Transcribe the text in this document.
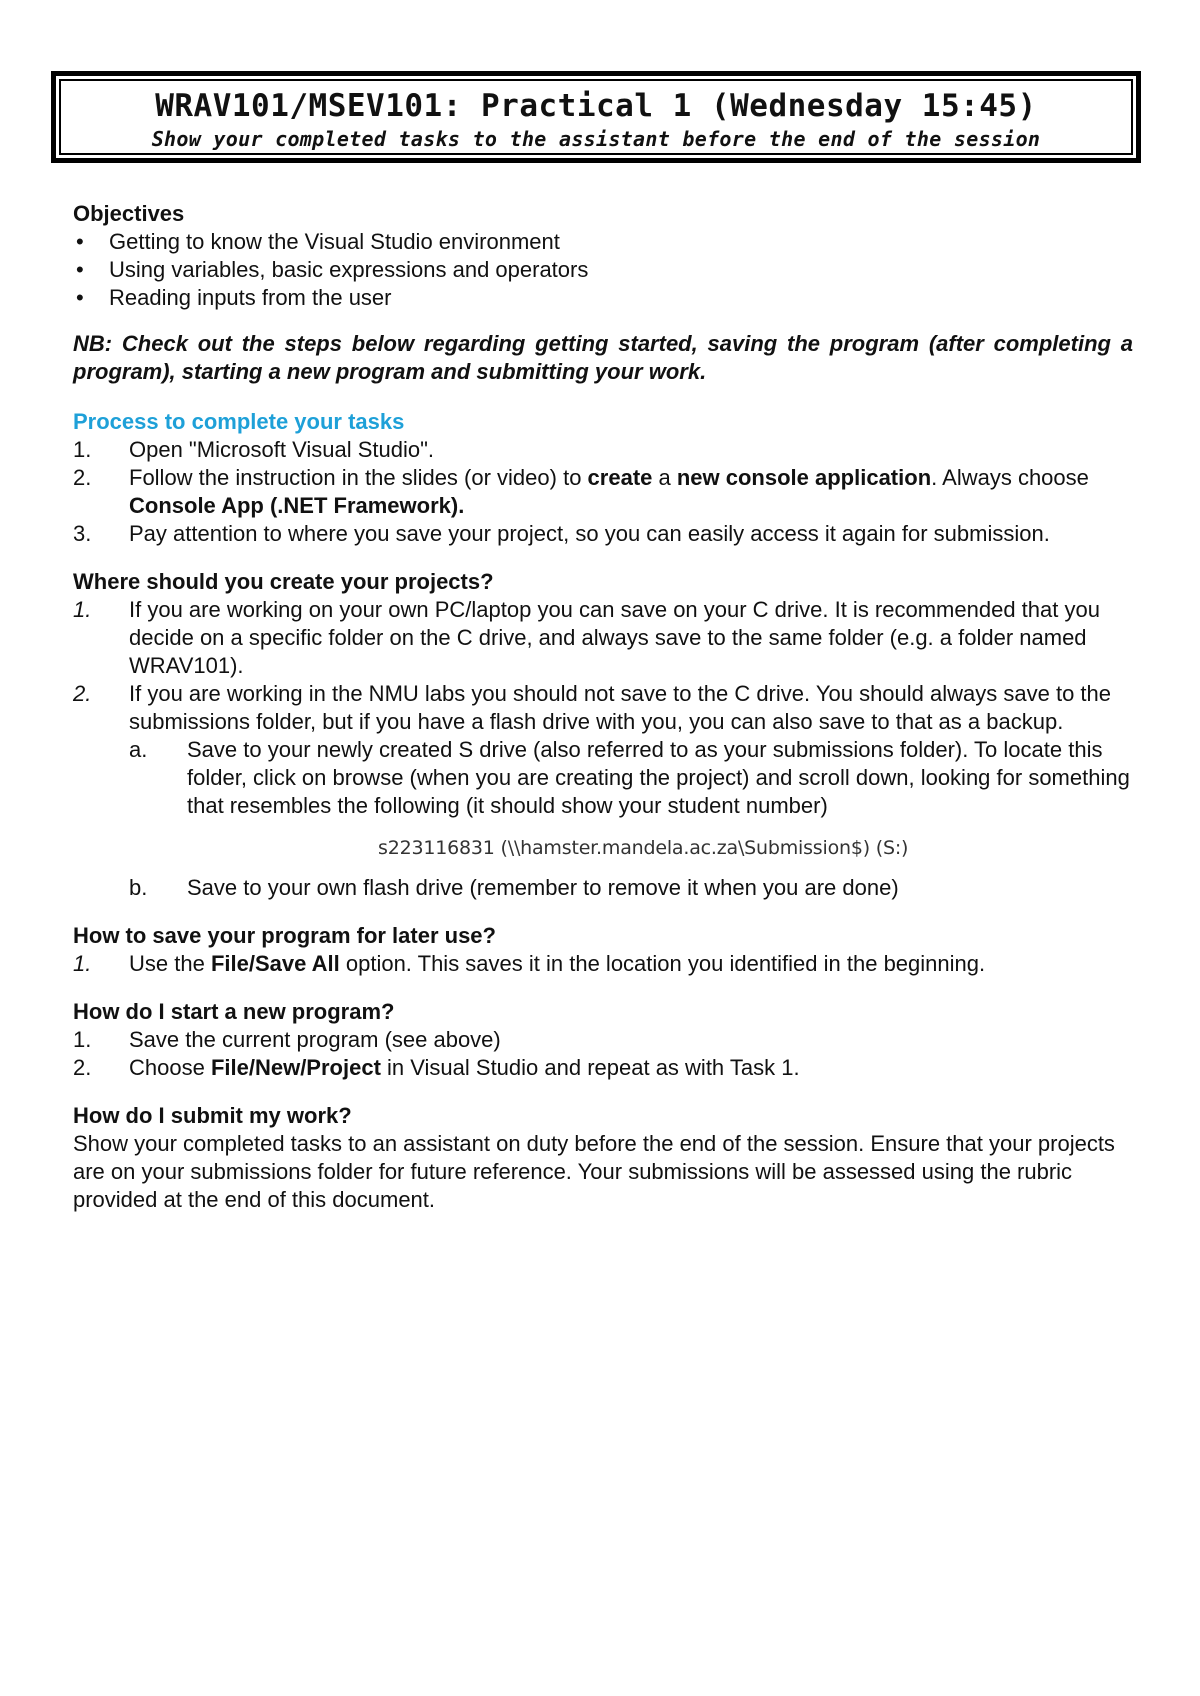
WRAV101/MSEV101: Practical 1 (Wednesday 15:45)
Show your completed tasks to the assistant before the end of the session

Objectives

• Getting to know the Visual Studio environment
• Using variables, basic expressions and operators
• Reading inputs from the user

NB: Check out the steps below regarding getting started, saving the program (after completing a program), starting a new program and submitting your work.

Process to complete your tasks

1. Open "Microsoft Visual Studio".
2. Follow the instruction in the slides (or video) to create a new console application. Always choose Console App (.NET Framework).
3. Pay attention to where you save your project, so you can easily access it again for submission.

Where should you create your projects?

1. If you are working on your own PC/laptop you can save on your C drive. It is recommended that you decide on a specific folder on the C drive, and always save to the same folder (e.g. a folder named WRAV101).
2. If you are working in the NMU labs you should not save to the C drive. You should always save to the submissions folder, but if you have a flash drive with you, you can also save to that as a backup.
a. Save to your newly created S drive (also referred to as your submissions folder). To locate this folder, click on browse (when you are creating the project) and scroll down, looking for something that resembles the following (it should show your student number)
s223116831 (\\hamster.mandela.ac.za\Submission$) (S:)
b. Save to your own flash drive (remember to remove it when you are done)

How to save your program for later use?

1. Use the File/Save All option. This saves it in the location you identified in the beginning.

How do I start a new program?

1. Save the current program (see above)
2. Choose File/New/Project in Visual Studio and repeat as with Task 1.

How do I submit my work?

Show your completed tasks to an assistant on duty before the end of the session. Ensure that your projects are on your submissions folder for future reference. Your submissions will be assessed using the rubric provided at the end of this document.
